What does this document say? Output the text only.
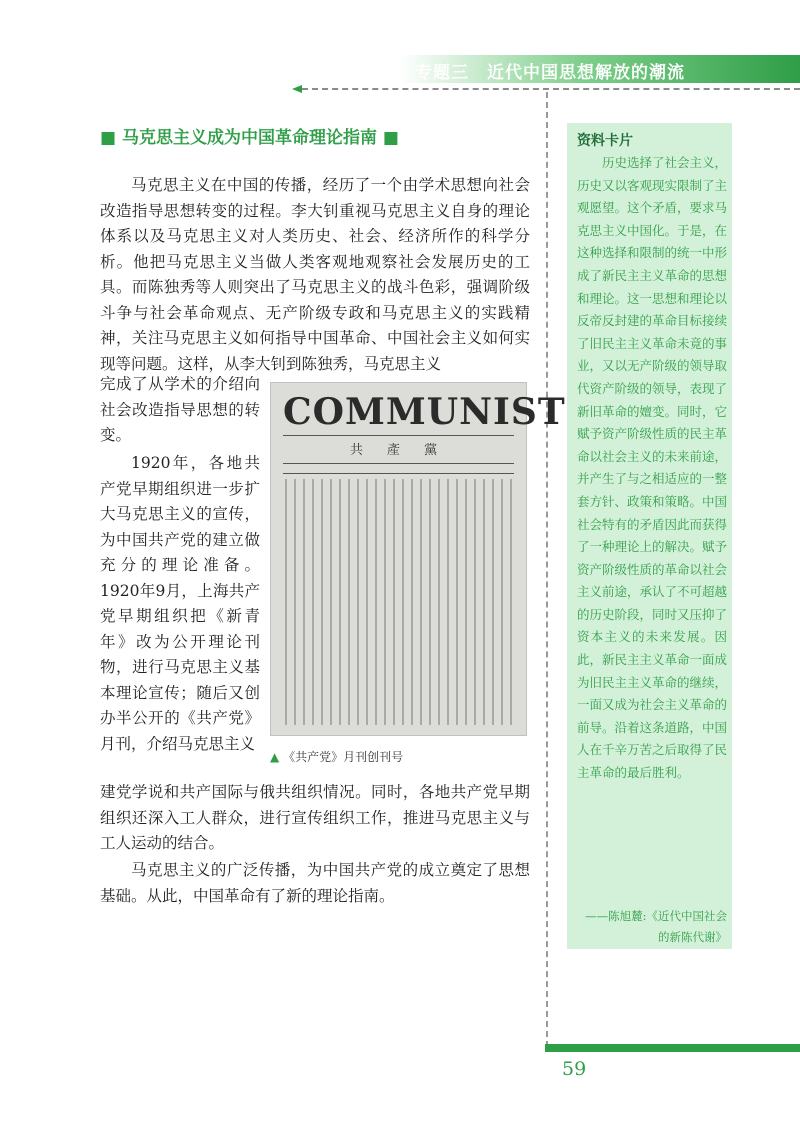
专题三　近代中国思想解放的潮流
■ 马克思主义成为中国革命理论指南 ■

马克思主义在中国的传播，经历了一个由学术思想向社会改造指导思想转变的过程。李大钊重视马克思主义自身的理论体系以及马克思主义对人类历史、社会、经济所作的科学分析。他把马克思主义当做人类客观地观察社会发展历史的工具。而陈独秀等人则突出了马克思主义的战斗色彩，强调阶级斗争与社会革命观点、无产阶级专政和马克思主义的实践精神，关注马克思主义如何指导中国革命、中国社会主义如何实现等问题。这样，从李大钊到陈独秀，马克思主义

完成了从学术的介绍向社会改造指导思想的转变。

1920年，各地共产党早期组织进一步扩大马克思主义的宣传，为中国共产党的建立做充分的理论准备。1920年9月，上海共产党早期组织把《新青年》改为公开理论刊物，进行马克思主义基本理论宣传；随后又创办半公开的《共产党》月刊，介绍马克思主义

建党学说和共产国际与俄共组织情况。同时，各地共产党早期组织还深入工人群众，进行宣传组织工作，推进马克思主义与工人运动的结合。

马克思主义的广泛传播，为中国共产党的成立奠定了思想基础。从此，中国革命有了新的理论指南。

COMMUNIST
共 產 黨
▲ 《共产党》月刊创刊号
资料卡片

历史选择了社会主义，历史又以客观现实限制了主观愿望。这个矛盾，要求马克思主义中国化。于是，在这种选择和限制的统一中形成了新民主主义革命的思想和理论。这一思想和理论以反帝反封建的革命目标接续了旧民主主义革命未竟的事业，又以无产阶级的领导取代资产阶级的领导，表现了新旧革命的嬗变。同时，它赋予资产阶级性质的民主革命以社会主义的未来前途，并产生了与之相适应的一整套方针、政策和策略。中国社会特有的矛盾因此而获得了一种理论上的解决。赋予资产阶级性质的革命以社会主义前途，承认了不可超越的历史阶段，同时又压抑了资本主义的未来发展。因此，新民主主义革命一面成为旧民主主义革命的继续，一面又成为社会主义革命的前导。沿着这条道路，中国人在千辛万苦之后取得了民主革命的最后胜利。

——陈旭麓:《近代中国社会的新陈代谢》

59
